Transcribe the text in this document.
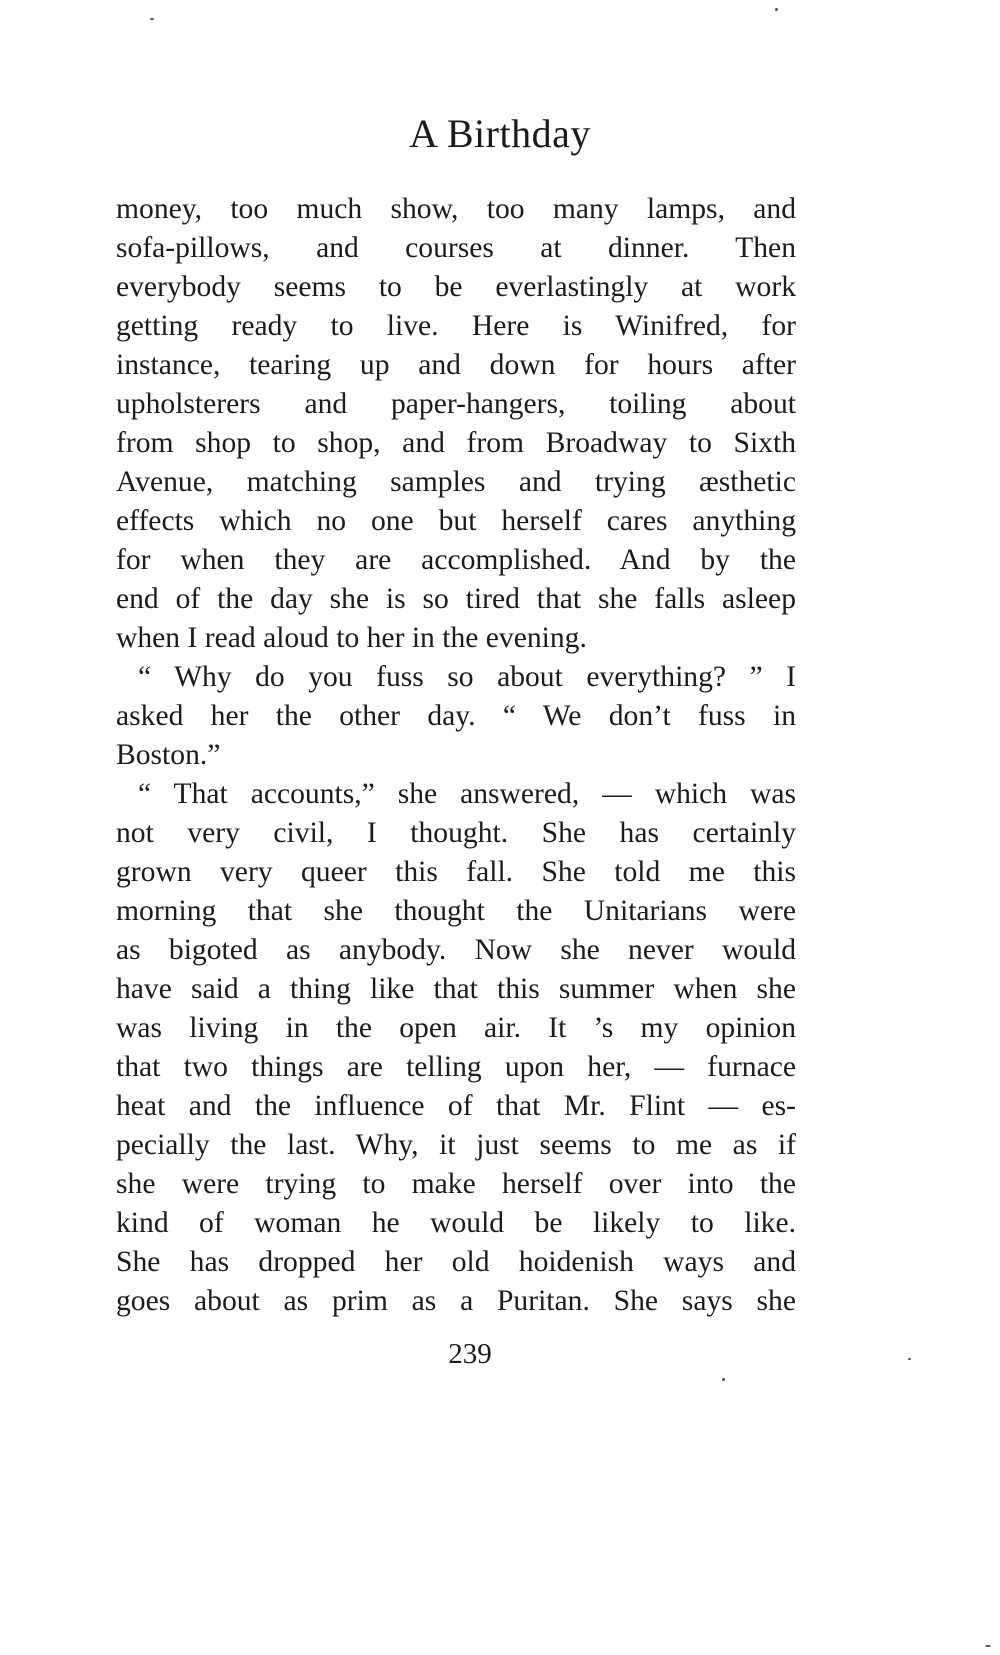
A Birthday
money, too much show, too many lamps, and
sofa-pillows, and courses at dinner. Then
everybody seems to be everlastingly at work
getting ready to live. Here is Winifred, for
instance, tearing up and down for hours after
upholsterers and paper-hangers, toiling about
from shop to shop, and from Broadway to Sixth
Avenue, matching samples and trying æsthetic
effects which no one but herself cares anything
for when they are accomplished. And by the
end of the day she is so tired that she falls asleep
when I read aloud to her in the evening.
“ Why do you fuss so about everything? ” I
asked her the other day. “ We don’t fuss in
Boston.”
“ That accounts,” she answered, — which was
not very civil, I thought. She has certainly
grown very queer this fall. She told me this
morning that she thought the Unitarians were
as bigoted as anybody. Now she never would
have said a thing like that this summer when she
was living in the open air. It ’s my opinion
that two things are telling upon her, — furnace
heat and the influence of that Mr. Flint — es-
pecially the last. Why, it just seems to me as if
she were trying to make herself over into the
kind of woman he would be likely to like.
She has dropped her old hoidenish ways and
goes about as prim as a Puritan. She says she
239
